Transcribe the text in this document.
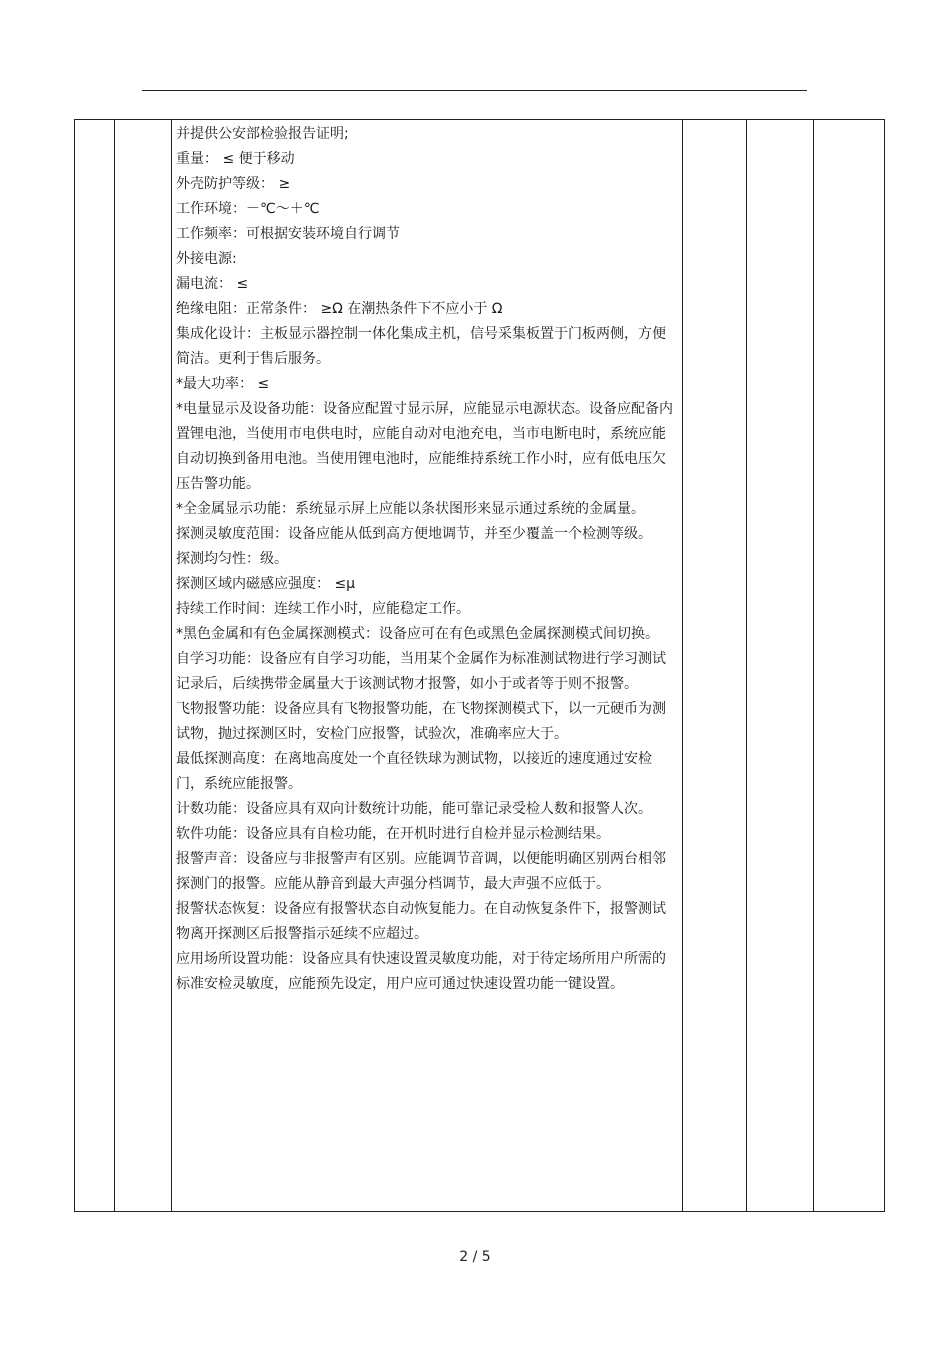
并提供公安部检验报告证明;

重量： ≤ 便于移动

外壳防护等级： ≥

工作环境：－℃～＋℃

工作频率：可根据安装环境自行调节

外接电源:

漏电流： ≤

绝缘电阻：正常条件： ≥Ω 在潮热条件下不应小于 Ω

集成化设计：主板显示器控制一体化集成主机，信号采集板置于门板两侧，方便简洁。更利于售后服务。

*最大功率： ≤

*电量显示及设备功能：设备应配置寸显示屏，应能显示电源状态。设备应配备内置锂电池，当使用市电供电时，应能自动对电池充电，当市电断电时，系统应能自动切换到备用电池。当使用锂电池时，应能维持系统工作小时，应有低电压欠压告警功能。

*全金属显示功能：系统显示屏上应能以条状图形来显示通过系统的金属量。

探测灵敏度范围：设备应能从低到高方便地调节，并至少覆盖一个检测等级。

探测均匀性：级。

探测区域内磁感应强度： ≤μ

持续工作时间：连续工作小时，应能稳定工作。

*黑色金属和有色金属探测模式：设备应可在有色或黑色金属探测模式间切换。

自学习功能：设备应有自学习功能，当用某个金属作为标准测试物进行学习测试记录后，后续携带金属量大于该测试物才报警，如小于或者等于则不报警。

飞物报警功能：设备应具有飞物报警功能，在飞物探测模式下，以一元硬币为测试物，抛过探测区时，安检门应报警，试验次，准确率应大于。

最低探测高度：在离地高度处一个直径铁球为测试物，以接近的速度通过安检门，系统应能报警。

计数功能：设备应具有双向计数统计功能，能可靠记录受检人数和报警人次。

软件功能：设备应具有自检功能，在开机时进行自检并显示检测结果。

报警声音：设备应与非报警声有区别。应能调节音调，以便能明确区别两台相邻探测门的报警。应能从静音到最大声强分档调节，最大声强不应低于。

报警状态恢复：设备应有报警状态自动恢复能力。在自动恢复条件下，报警测试物离开探测区后报警指示延续不应超过。

应用场所设置功能：设备应具有快速设置灵敏度功能，对于待定场所用户所需的标准安检灵敏度，应能预先设定，用户应可通过快速设置功能一键设置。

2 / 5
